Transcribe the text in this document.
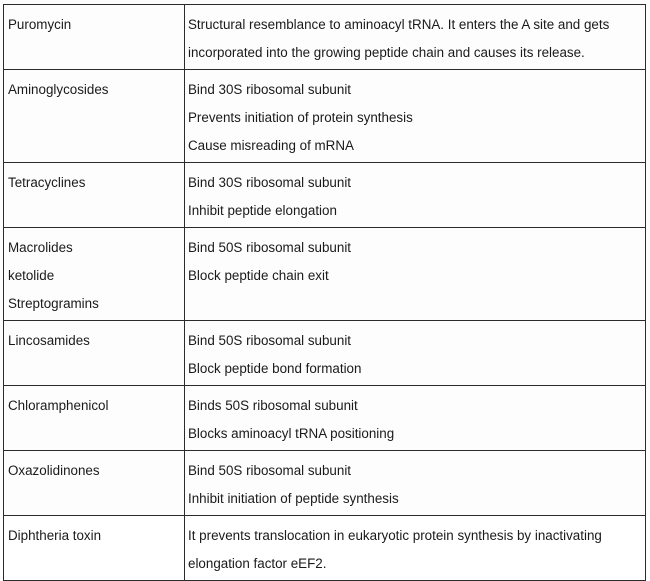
Puromycin	Structural resemblance to aminoacyl tRNA. It enters the A site and gets
incorporated into the growing peptide chain and causes its release.

Aminoglycosides	Bind 30S ribosomal subunit
Prevents initiation of protein synthesis
Cause misreading of mRNA

Tetracyclines	Bind 30S ribosomal subunit
Inhibit peptide elongation

Macrolides
ketolide
Streptogramins	Bind 50S ribosomal subunit
Block peptide chain exit

Lincosamides	Bind 50S ribosomal subunit
Block peptide bond formation

Chloramphenicol	Binds 50S ribosomal subunit
Blocks aminoacyl tRNA positioning

Oxazolidinones	Bind 50S ribosomal subunit
Inhibit initiation of peptide synthesis

Diphtheria toxin	It prevents translocation in eukaryotic protein synthesis by inactivating
elongation factor eEF2.
